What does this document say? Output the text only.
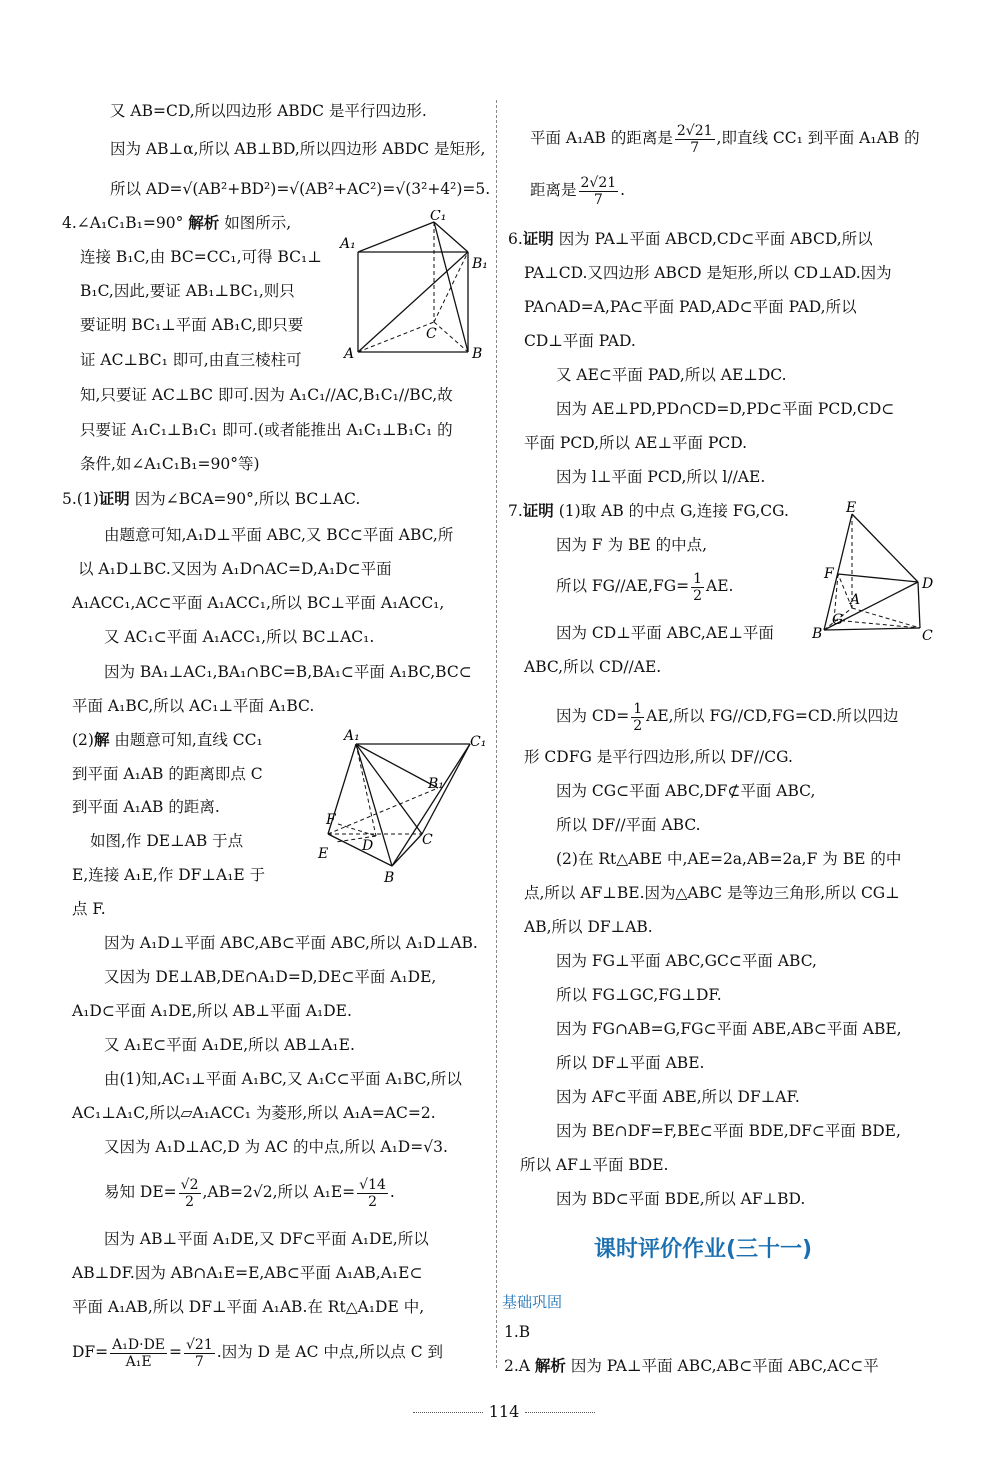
又 AB=CD,所以四边形 ABDC 是平行四边形.
因为 AB⊥α,所以 AB⊥BD,所以四边形 ABDC 是矩形,
所以 AD=√(AB²+BD²)=√(AB²+AC²)=√(3²+4²)=5.
4.∠A₁C₁B₁=90° 解析 如图所示,
连接 B₁C,由 BC=CC₁,可得 BC₁⊥
B₁C,因此,要证 AB₁⊥BC₁,则只
要证明 BC₁⊥平面 AB₁C,即只要
证 AC⊥BC₁ 即可,由直三棱柱可
知,只要证 AC⊥BC 即可.因为 A₁C₁//AC,B₁C₁//BC,故
只要证 A₁C₁⊥B₁C₁ 即可.(或者能推出 A₁C₁⊥B₁C₁ 的
条件,如∠A₁C₁B₁=90°等)
5.(1)证明 因为∠BCA=90°,所以 BC⊥AC.
由题意可知,A₁D⊥平面 ABC,又 BC⊂平面 ABC,所
以 A₁D⊥BC.又因为 A₁D∩AC=D,A₁D⊂平面
A₁ACC₁,AC⊂平面 A₁ACC₁,所以 BC⊥平面 A₁ACC₁,
又 AC₁⊂平面 A₁ACC₁,所以 BC⊥AC₁.
因为 BA₁⊥AC₁,BA₁∩BC=B,BA₁⊂平面 A₁BC,BC⊂
平面 A₁BC,所以 AC₁⊥平面 A₁BC.
(2)解 由题意可知,直线 CC₁
到平面 A₁AB 的距离即点 C
到平面 A₁AB 的距离.
如图,作 DE⊥AB 于点
E,连接 A₁E,作 DF⊥A₁E 于
点 F.
因为 A₁D⊥平面 ABC,AB⊂平面 ABC,所以 A₁D⊥AB.
又因为 DE⊥AB,DE∩A₁D=D,DE⊂平面 A₁DE,
A₁D⊂平面 A₁DE,所以 AB⊥平面 A₁DE.
又 A₁E⊂平面 A₁DE,所以 AB⊥A₁E.
由(1)知,AC₁⊥平面 A₁BC,又 A₁C⊂平面 A₁BC,所以
AC₁⊥A₁C,所以▱A₁ACC₁ 为菱形,所以 A₁A=AC=2.
又因为 A₁D⊥AC,D 为 AC 的中点,所以 A₁D=√3.
易知 $DE= \frac{√2}{2} ,AB=2√2$,所以 $A_1E= \frac{√14}{2}$ .
因为 AB⊥平面 A₁DE,又 DF⊂平面 A₁DE,所以
AB⊥DF.因为 AB∩A₁E=E,AB⊂平面 A₁AB,A₁E⊂
平面 A₁AB,所以 DF⊥平面 A₁AB.在 Rt△A₁DE 中,
$DF= \frac{\text{A₁D·DE}}{\text{A₁E}} = \frac{√21}{7}$ .因为 D 是 AC 中点,所以点 C 到
C₁
A₁
B₁
C
A	B
A₁	C₁
B₁
F
E D	C
B
平面 A₁AB 的距离是 $\frac{2√21}{7}$ ,即直线 CC₁ 到平面 A₁AB 的
距离是 $\frac{2√21}{7}$ .
6.证明 因为 PA⊥平面 ABCD,CD⊂平面 ABCD,所以
PA⊥CD.又四边形 ABCD 是矩形,所以 CD⊥AD.因为
PA∩AD=A,PA⊂平面 PAD,AD⊂平面 PAD,所以
CD⊥平面 PAD.
又 AE⊂平面 PAD,所以 AE⊥DC.
因为 AE⊥PD,PD∩CD=D,PD⊂平面 PCD,CD⊂
平面 PCD,所以 AE⊥平面 PCD.
因为 l⊥平面 PCD,所以 l//AE.
7.证明 (1)取 AB 的中点 G,连接 FG,CG.
因为 F 为 BE 的中点,
所以 $FG//AE,FG= \frac{1}{2}$ AE.
因为 CD⊥平面 ABC,AE⊥平面
ABC,所以 CD//AE.
因为 $CD= \frac{1}{2}$ AE,所以 FG//CD,FG=CD.所以四边
形 CDFG 是平行四边形,所以 DF//CG.
因为 CG⊂平面 ABC,DF⊄平面 ABC,
所以 DF//平面 ABC.
(2)在 Rt△ABE 中,AE=2a,AB=2a,F 为 BE 的中
点,所以 AF⊥BE.因为△ABC 是等边三角形,所以 CG⊥
AB,所以 DF⊥AB.
因为 FG⊥平面 ABC,GC⊂平面 ABC,
所以 FG⊥GC,FG⊥DF.
因为 FG∩AB=G,FG⊂平面 ABE,AB⊂平面 ABE,
所以 DF⊥平面 ABE.
因为 AF⊂平面 ABE,所以 DF⊥AF.
因为 BE∩DF=F,BE⊂平面 BDE,DF⊂平面 BDE,
所以 AF⊥平面 BDE.
因为 BD⊂平面 BDE,所以 AF⊥BD.
1.B
2.A 解析 因为 PA⊥平面 ABC,AB⊂平面 ABC,AC⊂平
E
F
D
A
G
B	C
课时评价作业(三十一)
基础巩固
114
